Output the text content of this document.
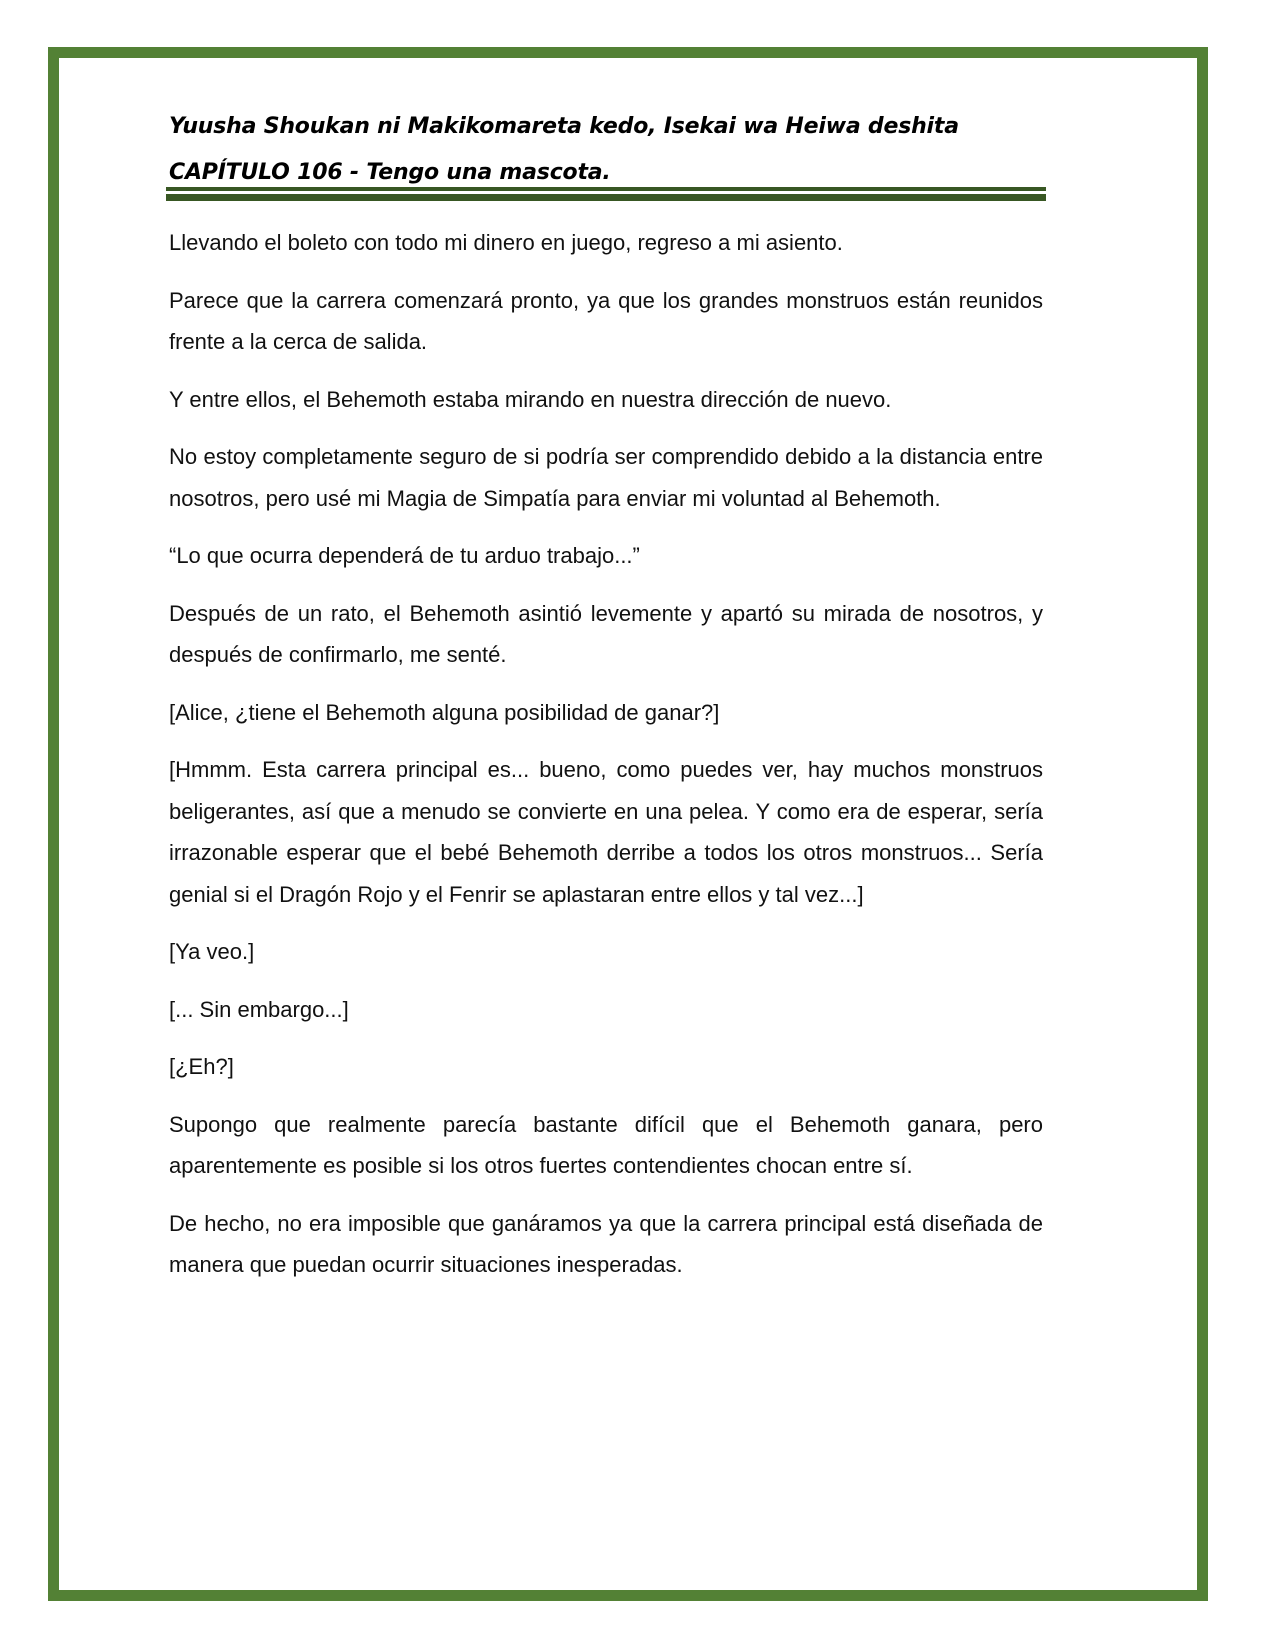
Yuusha Shoukan ni Makikomareta kedo, Isekai wa Heiwa deshita
CAPÍTULO 106 - Tengo una mascota.

Llevando el boleto con todo mi dinero en juego, regreso a mi asiento.

Parece que la carrera comenzará pronto, ya que los grandes monstruos están reunidos frente a la cerca de salida.

Y entre ellos, el Behemoth estaba mirando en nuestra dirección de nuevo.

No estoy completamente seguro de si podría ser comprendido debido a la distancia entre nosotros, pero usé mi Magia de Simpatía para enviar mi voluntad al Behemoth.

“Lo que ocurra dependerá de tu arduo trabajo...”

Después de un rato, el Behemoth asintió levemente y apartó su mirada de nosotros, y después de confirmarlo, me senté.

[Alice, ¿tiene el Behemoth alguna posibilidad de ganar?]

[Hmmm. Esta carrera principal es... bueno, como puedes ver, hay muchos monstruos beligerantes, así que a menudo se convierte en una pelea. Y como era de esperar, sería irrazonable esperar que el bebé Behemoth derribe a todos los otros monstruos... Sería genial si el Dragón Rojo y el Fenrir se aplastaran entre ellos y tal vez...]

[Ya veo.]

[... Sin embargo...]

[¿Eh?]

Supongo que realmente parecía bastante difícil que el Behemoth ganara, pero aparentemente es posible si los otros fuertes contendientes chocan entre sí.

De hecho, no era imposible que ganáramos ya que la carrera principal está diseñada de manera que puedan ocurrir situaciones inesperadas.
